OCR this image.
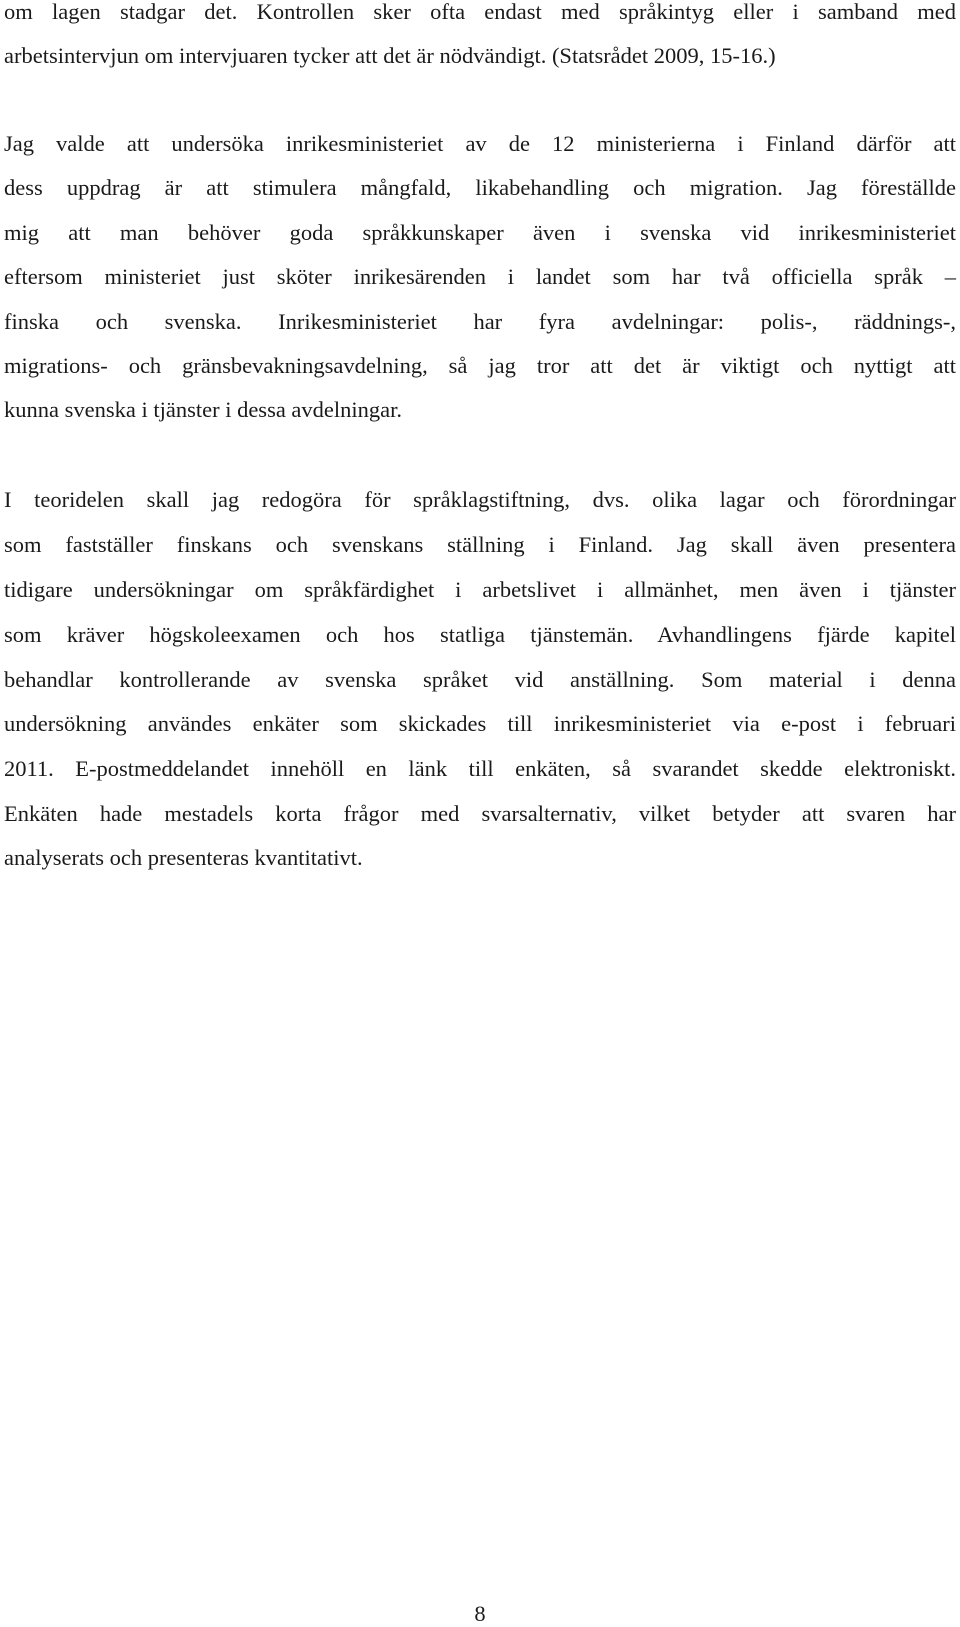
om lagen stadgar det. Kontrollen sker ofta endast med språkintyg eller i samband med
arbetsintervjun om intervjuaren tycker att det är nödvändigt. (Statsrådet 2009, 15-16.)
Jag valde att undersöka inrikesministeriet av de 12 ministerierna i Finland därför att
dess uppdrag är att stimulera mångfald, likabehandling och migration. Jag föreställde
mig att man behöver goda språkkunskaper även i svenska vid inrikesministeriet
eftersom ministeriet just sköter inrikesärenden i landet som har två officiella språk –
finska och svenska. Inrikesministeriet har fyra avdelningar: polis-, räddnings-,
migrations- och gränsbevakningsavdelning, så jag tror att det är viktigt och nyttigt att
kunna svenska i tjänster i dessa avdelningar.
I teoridelen skall jag redogöra för språklagstiftning, dvs. olika lagar och förordningar
som fastställer finskans och svenskans ställning i Finland. Jag skall även presentera
tidigare undersökningar om språkfärdighet i arbetslivet i allmänhet, men även i tjänster
som kräver högskoleexamen och hos statliga tjänstemän. Avhandlingens fjärde kapitel
behandlar kontrollerande av svenska språket vid anställning. Som material i denna
undersökning användes enkäter som skickades till inrikesministeriet via e-post i februari
2011. E-postmeddelandet innehöll en länk till enkäten, så svarandet skedde elektroniskt.
Enkäten hade mestadels korta frågor med svarsalternativ, vilket betyder att svaren har
analyserats och presenteras kvantitativt.
8
